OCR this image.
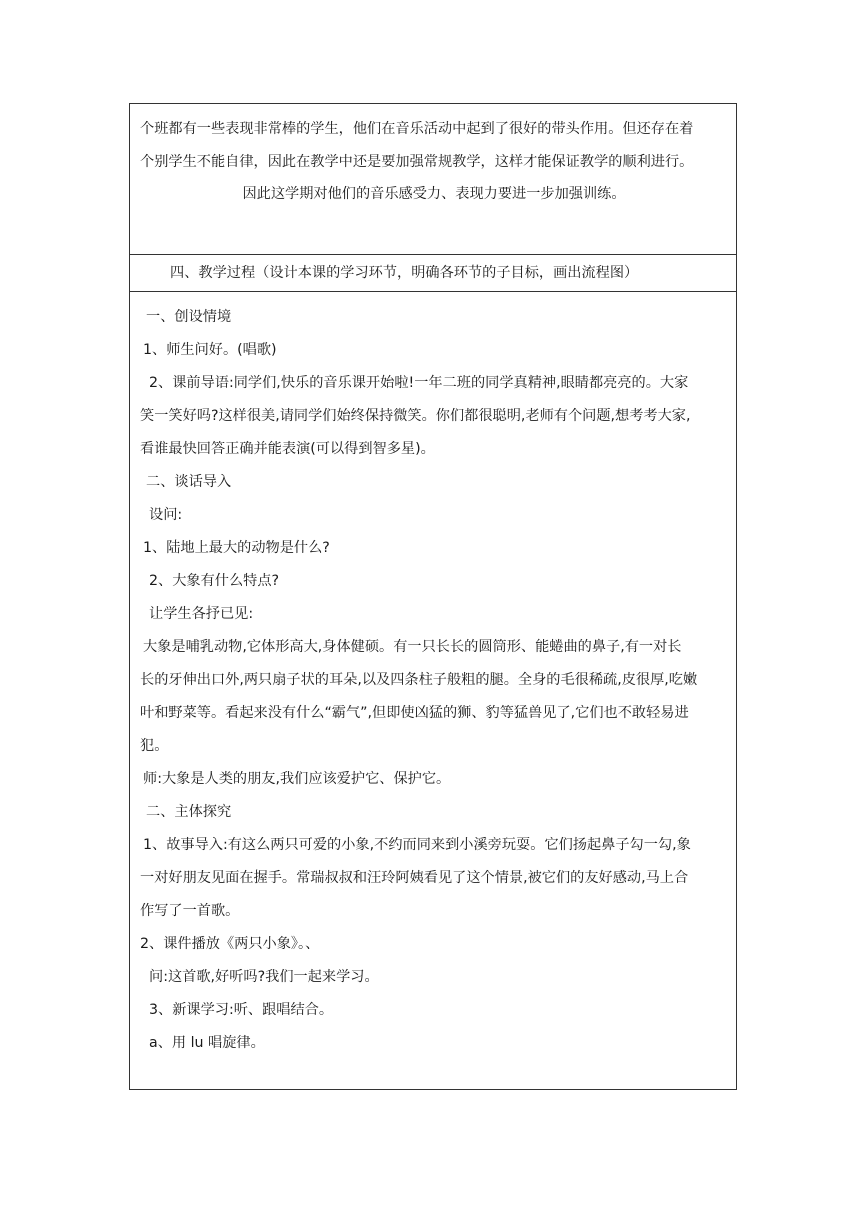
个班都有一些表现非常棒的学生，他们在音乐活动中起到了很好的带头作用。但还存在着

个别学生不能自律，因此在教学中还是要加强常规教学，这样才能保证教学的顺利进行。

因此这学期对他们的音乐感受力、表现力要进一步加强训练。

四、教学过程（设计本课的学习环节，明确各环节的子目标，画出流程图）

一、创设情境

1、师生问好。(唱歌)

2、课前导语:同学们,快乐的音乐课开始啦!一年二班的同学真精神,眼睛都亮亮的。大家

笑一笑好吗?这样很美,请同学们始终保持微笑。你们都很聪明,老师有个问题,想考考大家,

看谁最快回答正确并能表演(可以得到智多星)。

二、谈话导入

设问:

1、陆地上最大的动物是什么?

2、大象有什么特点?

让学生各抒已见:

大象是哺乳动物,它体形高大,身体健硕。有一只长长的圆筒形、能蜷曲的鼻子,有一对长

长的牙伸出口外,两只扇子状的耳朵,以及四条柱子般粗的腿。全身的毛很稀疏,皮很厚,吃嫩

叶和野菜等。看起来没有什么“霸气”,但即使凶猛的狮、豹等猛兽见了,它们也不敢轻易进

犯。

师:大象是人类的朋友,我们应该爱护它、保护它。

二、主体探究

1、故事导入:有这么两只可爱的小象,不约而同来到小溪旁玩耍。它们扬起鼻子勾一勾,象

一对好朋友见面在握手。常瑞叔叔和汪玲阿姨看见了这个情景,被它们的友好感动,马上合

作写了一首歌。

2、课件播放《两只小象》。、

问:这首歌,好听吗?我们一起来学习。

3、新课学习:听、跟唱结合。

a、用 lu 唱旋律。
